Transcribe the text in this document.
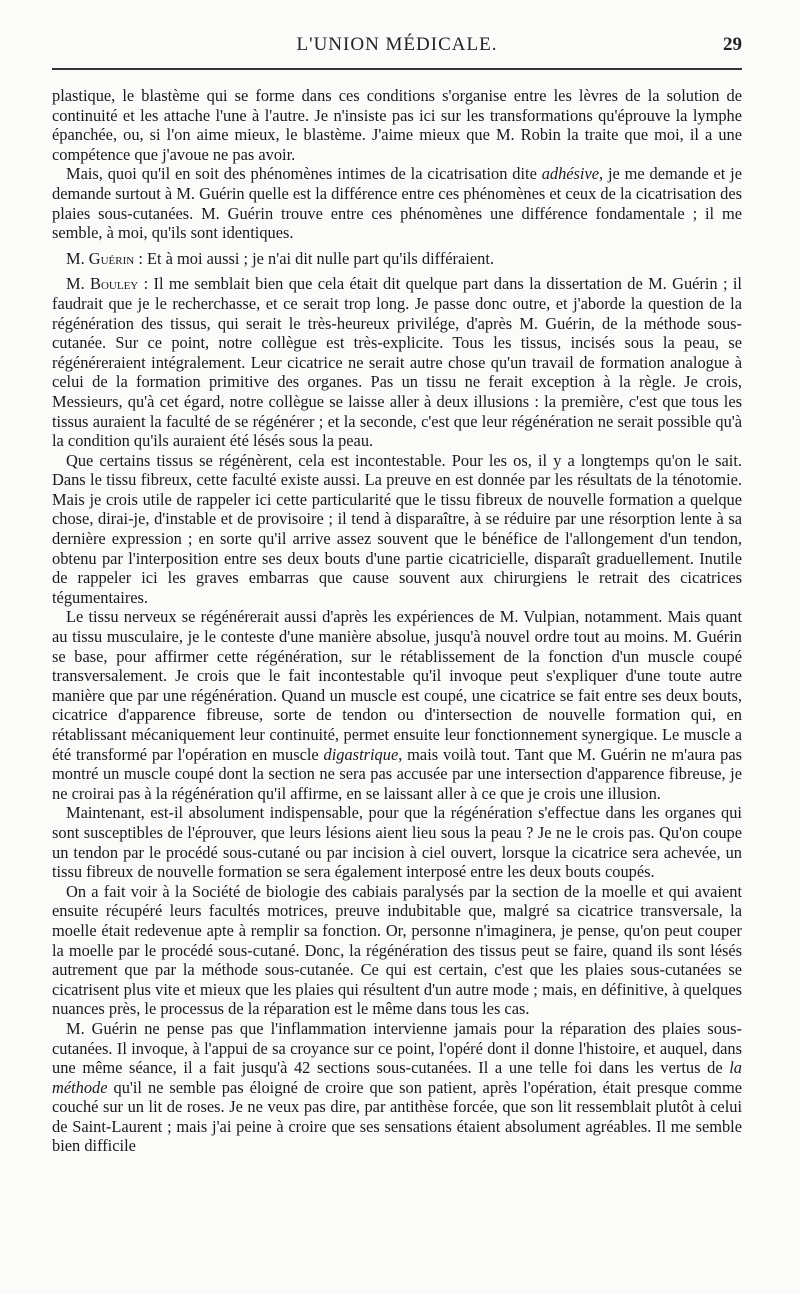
L'UNION MÉDICALE.	29

plastique, le blastème qui se forme dans ces conditions s'organise entre les lèvres de la solution de continuité et les attache l'une à l'autre. Je n'insiste pas ici sur les transformations qu'éprouve la lymphe épanchée, ou, si l'on aime mieux, le blastème. J'aime mieux que M. Robin la traite que moi, il a une compétence que j'avoue ne pas avoir.

Mais, quoi qu'il en soit des phénomènes intimes de la cicatrisation dite adhésive, je me demande et je demande surtout à M. Guérin quelle est la différence entre ces phénomènes et ceux de la cicatrisation des plaies sous-cutanées. M. Guérin trouve entre ces phénomènes une différence fondamentale ; il me semble, à moi, qu'ils sont identiques.

M. Guérin : Et à moi aussi ; je n'ai dit nulle part qu'ils différaient.

M. Bouley : Il me semblait bien que cela était dit quelque part dans la dissertation de M. Guérin ; il faudrait que je le recherchasse, et ce serait trop long. Je passe donc outre, et j'aborde la question de la régénération des tissus, qui serait le très-heureux privilége, d'après M. Guérin, de la méthode sous-cutanée. Sur ce point, notre collègue est très-explicite. Tous les tissus, incisés sous la peau, se régénéreraient intégralement. Leur cicatrice ne serait autre chose qu'un travail de formation analogue à celui de la formation primitive des organes. Pas un tissu ne ferait exception à la règle. Je crois, Messieurs, qu'à cet égard, notre collègue se laisse aller à deux illusions : la première, c'est que tous les tissus auraient la faculté de se régénérer ; et la seconde, c'est que leur régénération ne serait possible qu'à la condition qu'ils auraient été lésés sous la peau.

Que certains tissus se régénèrent, cela est incontestable. Pour les os, il y a longtemps qu'on le sait. Dans le tissu fibreux, cette faculté existe aussi. La preuve en est donnée par les résultats de la ténotomie. Mais je crois utile de rappeler ici cette particularité que le tissu fibreux de nouvelle formation a quelque chose, dirai-je, d'instable et de provisoire ; il tend à disparaître, à se réduire par une résorption lente à sa dernière expression ; en sorte qu'il arrive assez souvent que le bénéfice de l'allongement d'un tendon, obtenu par l'interposition entre ses deux bouts d'une partie cicatricielle, disparaît graduellement. Inutile de rappeler ici les graves embarras que cause souvent aux chirurgiens le retrait des cicatrices tégumentaires.

Le tissu nerveux se régénérerait aussi d'après les expériences de M. Vulpian, notamment. Mais quant au tissu musculaire, je le conteste d'une manière absolue, jusqu'à nouvel ordre tout au moins. M. Guérin se base, pour affirmer cette régénération, sur le rétablissement de la fonction d'un muscle coupé transversalement. Je crois que le fait incontestable qu'il invoque peut s'expliquer d'une toute autre manière que par une régénération. Quand un muscle est coupé, une cicatrice se fait entre ses deux bouts, cicatrice d'apparence fibreuse, sorte de tendon ou d'intersection de nouvelle formation qui, en rétablissant mécaniquement leur continuité, permet ensuite leur fonctionnement synergique. Le muscle a été transformé par l'opération en muscle digastrique, mais voilà tout. Tant que M. Guérin ne m'aura pas montré un muscle coupé dont la section ne sera pas accusée par une intersection d'apparence fibreuse, je ne croirai pas à la régénération qu'il affirme, en se laissant aller à ce que je crois une illusion.

Maintenant, est-il absolument indispensable, pour que la régénération s'effectue dans les organes qui sont susceptibles de l'éprouver, que leurs lésions aient lieu sous la peau ? Je ne le crois pas. Qu'on coupe un tendon par le procédé sous-cutané ou par incision à ciel ouvert, lorsque la cicatrice sera achevée, un tissu fibreux de nouvelle formation se sera également interposé entre les deux bouts coupés.

On a fait voir à la Société de biologie des cabiais paralysés par la section de la moelle et qui avaient ensuite récupéré leurs facultés motrices, preuve indubitable que, malgré sa cicatrice transversale, la moelle était redevenue apte à remplir sa fonction. Or, personne n'imaginera, je pense, qu'on peut couper la moelle par le procédé sous-cutané. Donc, la régénération des tissus peut se faire, quand ils sont lésés autrement que par la méthode sous-cutanée. Ce qui est certain, c'est que les plaies sous-cutanées se cicatrisent plus vite et mieux que les plaies qui résultent d'un autre mode ; mais, en définitive, à quelques nuances près, le processus de la réparation est le même dans tous les cas.

M. Guérin ne pense pas que l'inflammation intervienne jamais pour la réparation des plaies sous-cutanées. Il invoque, à l'appui de sa croyance sur ce point, l'opéré dont il donne l'histoire, et auquel, dans une même séance, il a fait jusqu'à 42 sections sous-cutanées. Il a une telle foi dans les vertus de la méthode qu'il ne semble pas éloigné de croire que son patient, après l'opération, était presque comme couché sur un lit de roses. Je ne veux pas dire, par antithèse forcée, que son lit ressemblait plutôt à celui de Saint-Laurent ; mais j'ai peine à croire que ses sensations étaient absolument agréables. Il me semble bien difficile
